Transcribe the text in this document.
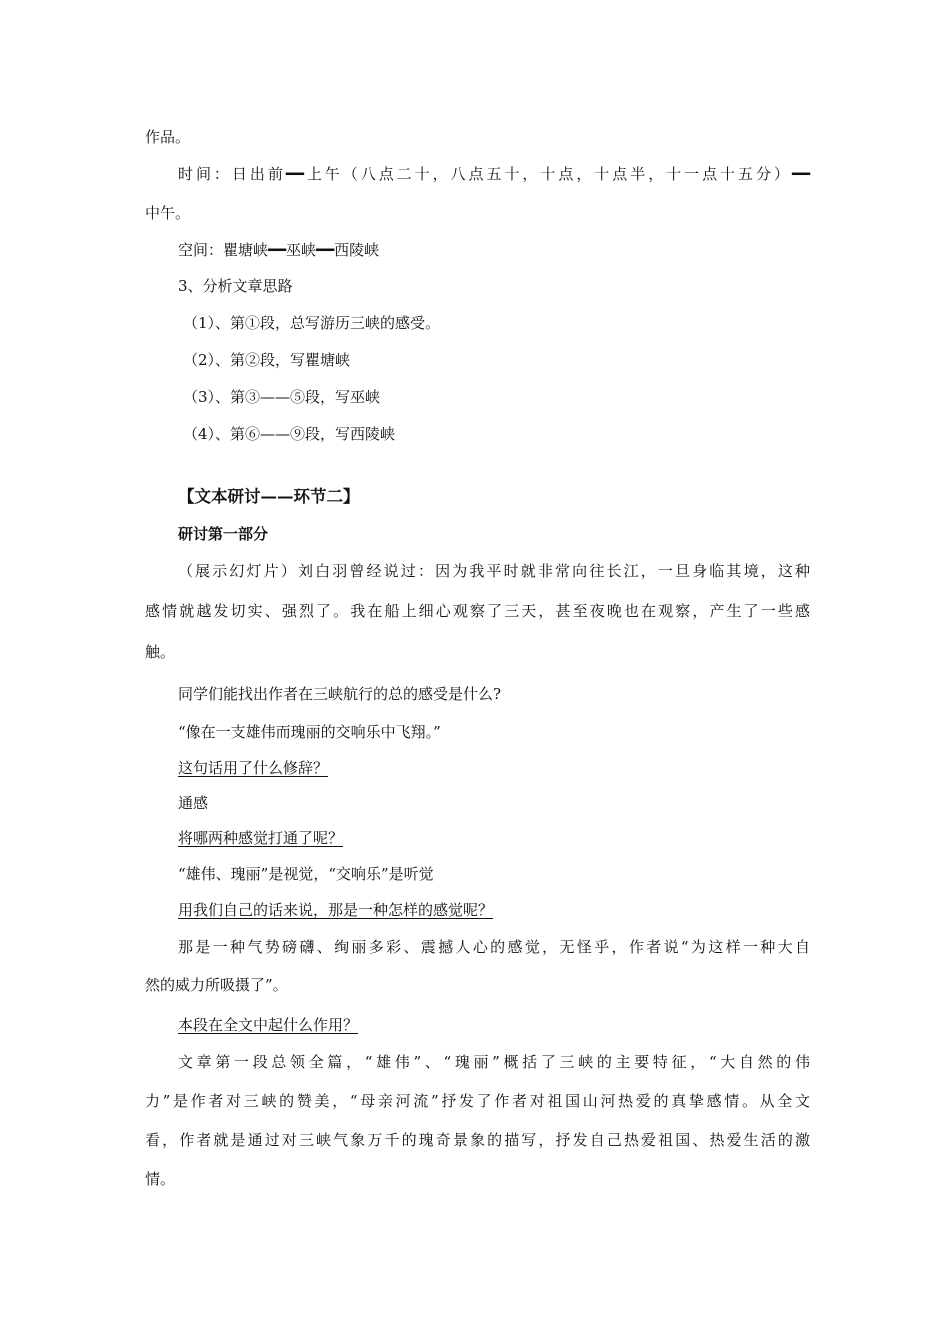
作品。
时间：日出前━━上午（八点二十，八点五十，十点，十点半，十一点十五分）━━
中午。
空间：瞿塘峡━━巫峡━━西陵峡
3、分析文章思路
（1）、第①段，总写游历三峡的感受。
（2）、第②段，写瞿塘峡
（3）、第③——⑤段，写巫峡
（4）、第⑥——⑨段，写西陵峡
【文本研讨——环节二】
研讨第一部分
（展示幻灯片）刘白羽曾经说过：因为我平时就非常向往长江，一旦身临其境，这种
感情就越发切实、强烈了。我在船上细心观察了三天，甚至夜晚也在观察，产生了一些感
触。
同学们能找出作者在三峡航行的总的感受是什么?
“像在一支雄伟而瑰丽的交响乐中飞翔。”
这句话用了什么修辞？
通感
将哪两种感觉打通了呢？
“雄伟、瑰丽”是视觉，“交响乐”是听觉
用我们自己的话来说，那是一种怎样的感觉呢？
那是一种气势磅礴、绚丽多彩、震撼人心的感觉，无怪乎，作者说“为这样一种大自
然的威力所吸摄了”。
本段在全文中起什么作用？
文章第一段总领全篇，“雄伟”、“瑰丽”概括了三峡的主要特征，“大自然的伟
力”是作者对三峡的赞美，“母亲河流”抒发了作者对祖国山河热爱的真挚感情。从全文
看，作者就是通过对三峡气象万千的瑰奇景象的描写，抒发自己热爱祖国、热爱生活的激
情。
